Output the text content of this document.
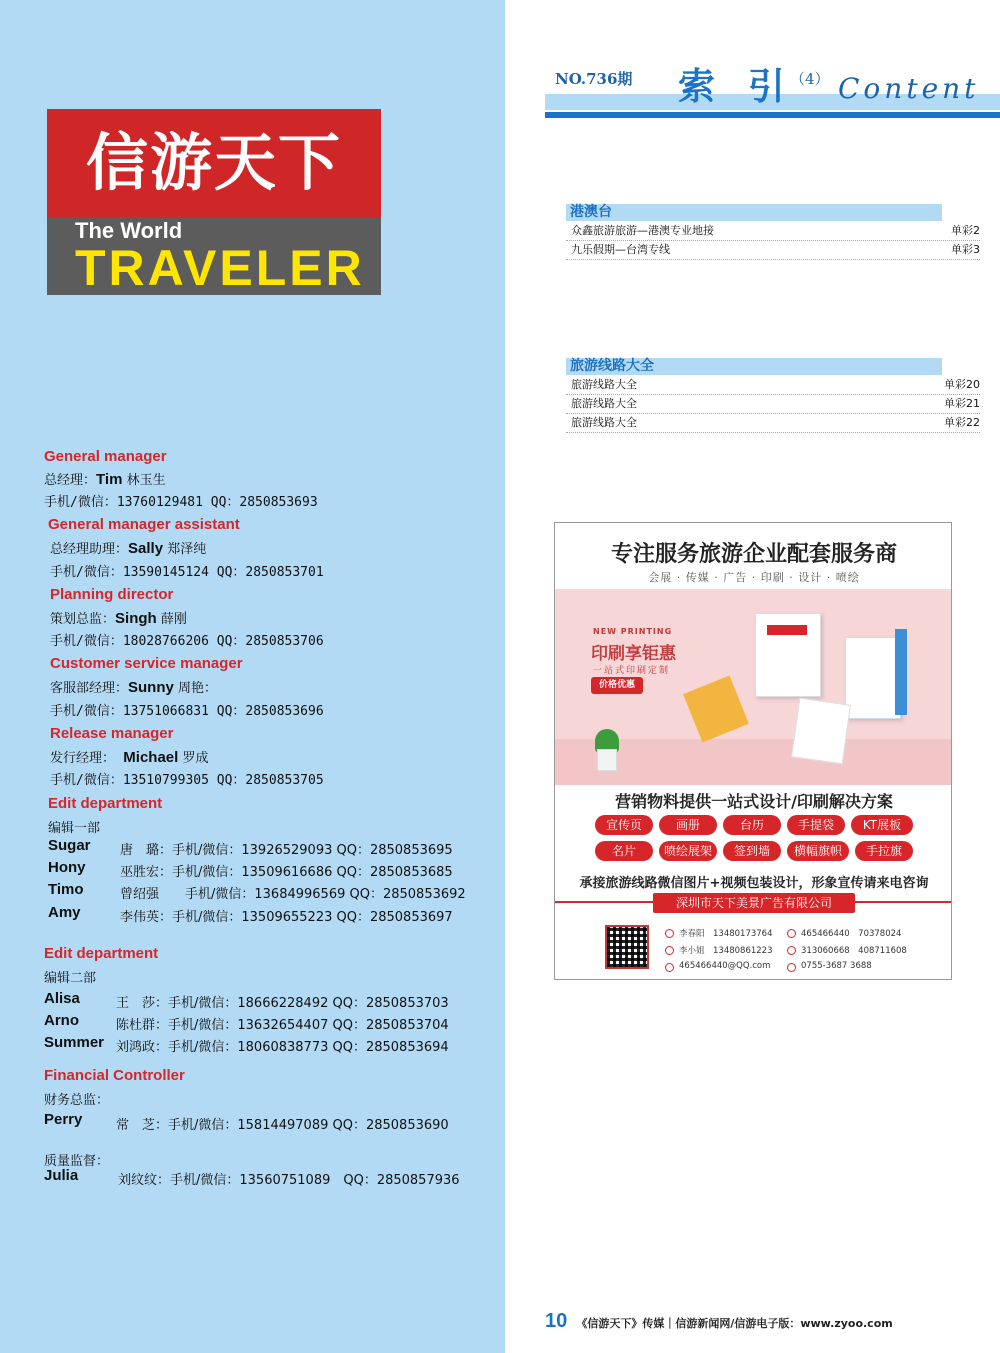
信游天下
The World
TRAVELER
General manager
总经理：Tim 林玉生
手机/微信：13760129481 QQ：2850853693
General manager assistant
总经理助理：Sally 郑泽纯
手机/微信：13590145124 QQ：2850853701
Planning director
策划总监：Singh 薛刚
手机/微信：18028766206 QQ：2850853706
Customer service manager
客服部经理：Sunny 周艳：
手机/微信：13751066831 QQ：2850853696
Release manager
发行经理： Michael 罗成
手机/微信：13510799305 QQ：2850853705
Edit department
编辑一部
Sugar 唐　璐：手机/微信：13926529093 QQ：2850853695
Hony	巫胜宏：手机/微信：13509616686 QQ：2850853685
Timo	曾绍强　　手机/微信：13684996569 QQ：2850853692
Amy	李伟英：手机/微信：13509655223 QQ：2850853697
Edit department
编辑二部
Alisa	王　莎：手机/微信：18666228492 QQ：2850853703
Arno	陈杜群：手机/微信：13632654407 QQ：2850853704
Summer 刘鸿政：手机/微信：18060838773 QQ：2850853694
Financial Controller
财务总监：
Perry	常　芝：手机/微信：15814497089 QQ：2850853690
质量监督：
Julia	刘纹纹：手机/微信：13560751089　QQ：2850857936
NO.736期 索 引
（4） Content
港澳台
众鑫旅游旅游—港澳专业地接	单彩2
九乐假期—台湾专线	单彩3
旅游线路大全
旅游线路大全	单彩20
旅游线路大全	单彩21
旅游线路大全	单彩22
专注服务旅游企业配套服务商
会展 · 传媒 · 广告 · 印刷 · 设计 · 喷绘
NEW PRINTING
印刷享钜惠
一站式印刷定制
价格优惠
营销物料提供一站式设计/印刷解决方案
宣传页	画册	台历	手提袋	KT展板
名片	喷绘展架	签到墙	横幅旗帜	手拉旗
承接旅游线路微信图片+视频包装设计，形象宣传请来电咨询
深圳市天下美景广告有限公司
李春阳　13480173764
李小姐　13480861223
465466440@QQ.com
465466440　70378024
313060668　408711608
0755-3687 3688
10 《信游天下》传媒｜信游新闻网/信游电子版：www.zyoo.com
